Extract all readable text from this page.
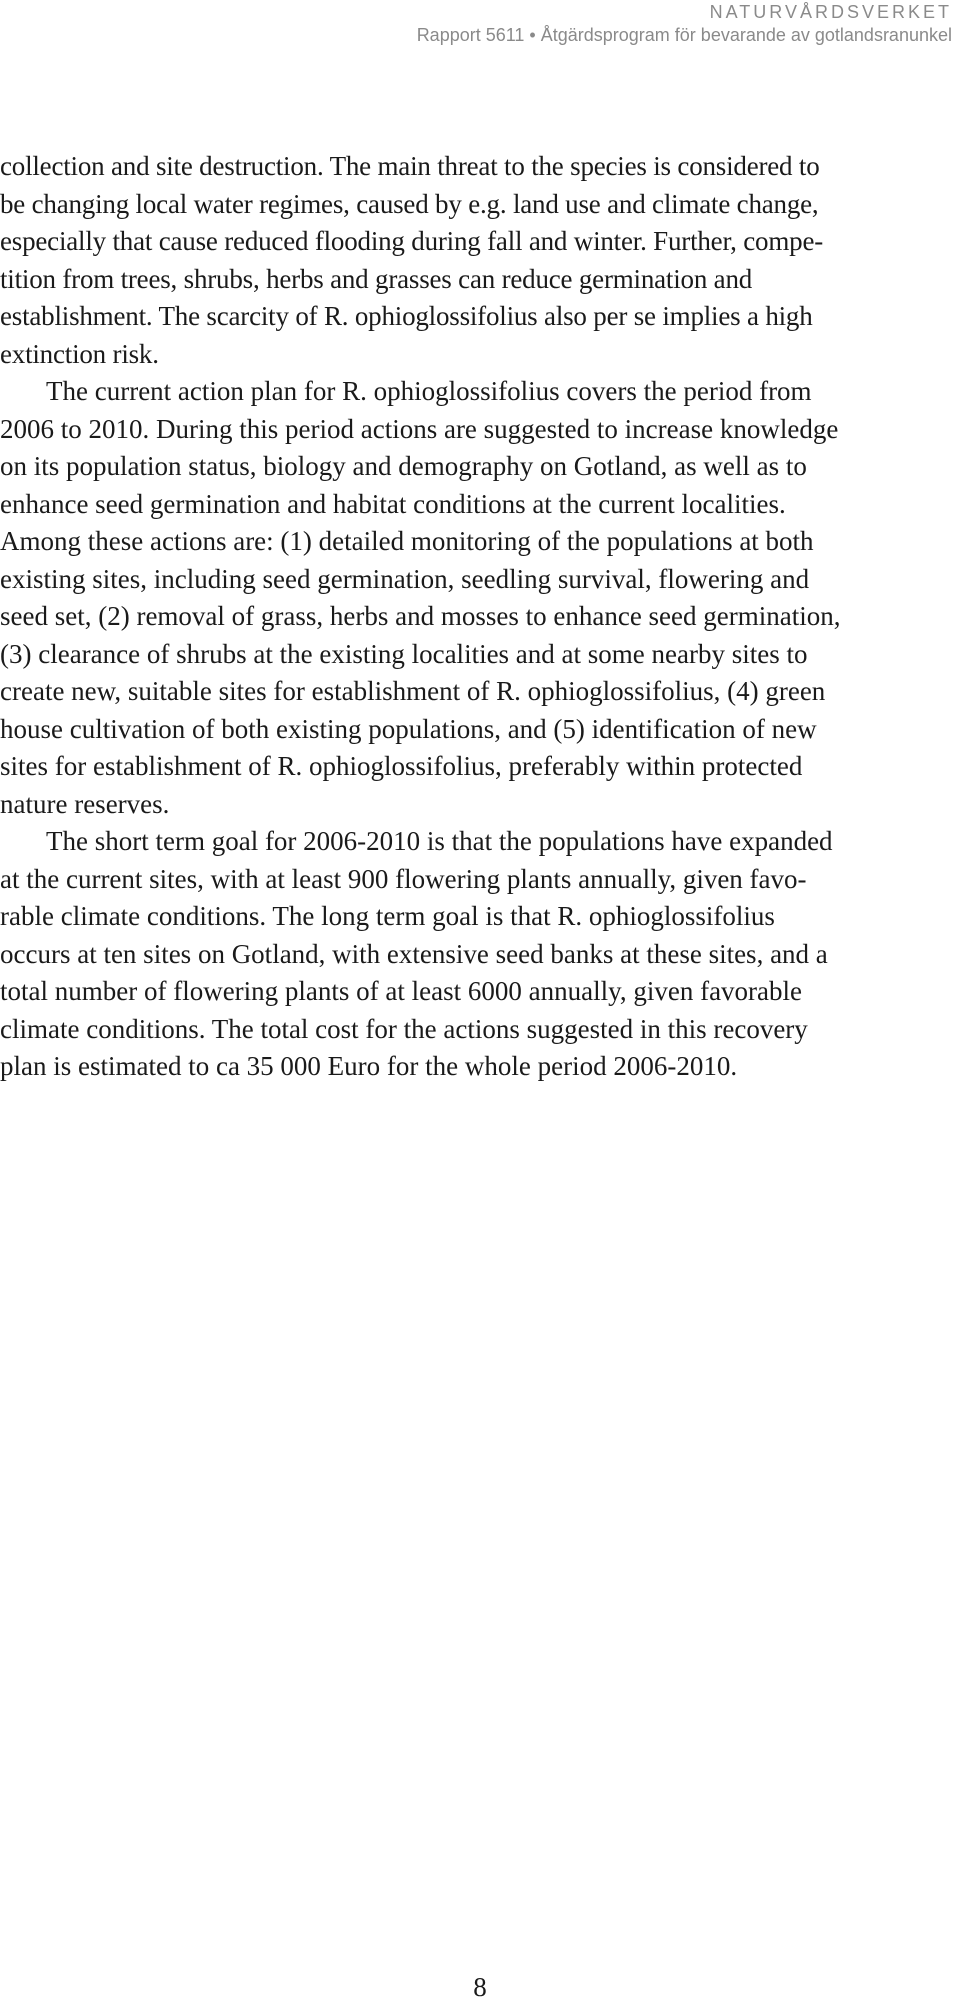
NATURVÅRDSVERKET
Rapport 5611 • Åtgärdsprogram för bevarande av gotlandsranunkel

collection and site destruction. The main threat to the species is considered to
be changing local water regimes, caused by e.g. land use and climate change,
especially that cause reduced flooding during fall and winter. Further, compe-
tition from trees, shrubs, herbs and grasses can reduce germination and
establishment. The scarcity of R. ophioglossifolius also per se implies a high
extinction risk.

The current action plan for R. ophioglossifolius covers the period from
2006 to 2010. During this period actions are suggested to increase knowledge
on its population status, biology and demography on Gotland, as well as to
enhance seed germination and habitat conditions at the current localities.
Among these actions are: (1) detailed monitoring of the populations at both
existing sites, including seed germination, seedling survival, flowering and
seed set, (2) removal of grass, herbs and mosses to enhance seed germination,
(3) clearance of shrubs at the existing localities and at some nearby sites to
create new, suitable sites for establishment of R. ophioglossifolius, (4) green
house cultivation of both existing populations, and (5) identification of new
sites for establishment of R. ophioglossifolius, preferably within protected
nature reserves.

The short term goal for 2006-2010 is that the populations have expanded
at the current sites, with at least 900 flowering plants annually, given favo-
rable climate conditions. The long term goal is that R. ophioglossifolius
occurs at ten sites on Gotland, with extensive seed banks at these sites, and a
total number of flowering plants of at least 6000 annually, given favorable
climate conditions. The total cost for the actions suggested in this recovery
plan is estimated to ca 35 000 Euro for the whole period 2006-2010.

8
